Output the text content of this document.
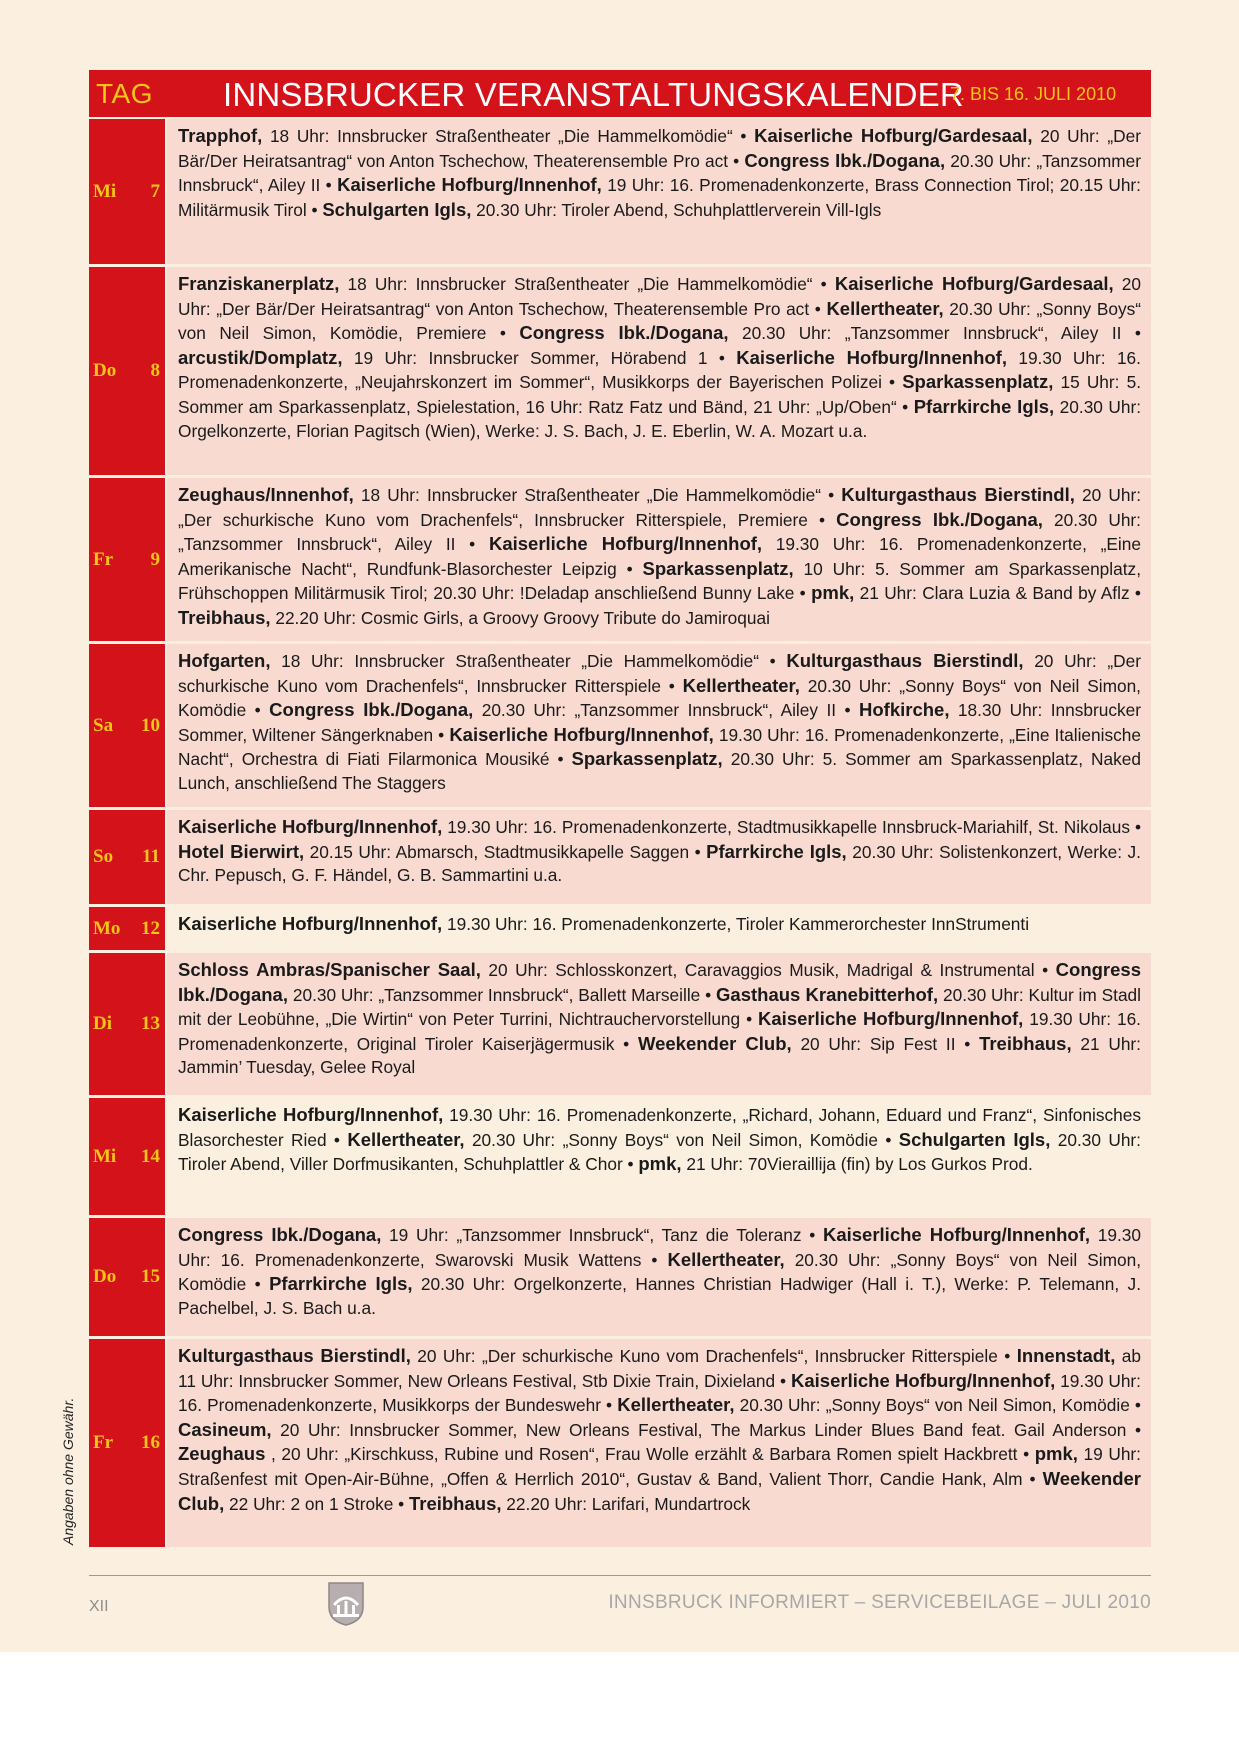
TAG INNSBRUCKER VERANSTALTUNGSKALENDER
7. BIS 16. JULI 2010
Mi 7
Trapphof, 18 Uhr: Innsbrucker Straßentheater „Die Hammelkomödie“ • Kaiserliche Hofburg/Gardesaal, 20 Uhr: „Der Bär/Der Heiratsantrag“ von Anton Tschechow, Theaterensemble Pro act • Congress Ibk./Dogana, 20.30 Uhr: „Tanzsommer Innsbruck“, Ailey II • Kaiserliche Hofburg/Innenhof, 19 Uhr: 16. Promenadenkonzerte, Brass Connection Tirol; 20.15 Uhr: Militärmusik Tirol • Schulgarten Igls, 20.30 Uhr: Tiroler Abend, Schuhplattlerverein Vill-Igls
Do 8
Franziskanerplatz, 18 Uhr: Innsbrucker Straßentheater „Die Hammelkomödie“ • Kaiserliche Hofburg/Gardesaal, 20 Uhr: „Der Bär/Der Heiratsantrag“ von Anton Tschechow, Theaterensemble Pro act • Kellertheater, 20.30 Uhr: „Sonny Boys“ von Neil Simon, Komödie, Premiere • Congress Ibk./Dogana, 20.30 Uhr: „Tanzsommer Innsbruck“, Ailey II • arcustik/Domplatz, 19 Uhr: Innsbrucker Sommer, Hörabend 1 • Kaiserliche Hofburg/Innenhof, 19.30 Uhr: 16. Promenadenkonzerte, „Neujahrskonzert im Sommer“, Musikkorps der Bayerischen Polizei • Sparkassenplatz, 15 Uhr: 5. Sommer am Sparkassenplatz, Spielestation, 16 Uhr: Ratz Fatz und Bänd, 21 Uhr: „Up/Oben“ • Pfarrkirche Igls, 20.30 Uhr: Orgelkonzerte, Florian Pagitsch (Wien), Werke: J. S. Bach, J. E. Eberlin, W. A. Mozart u.a.
Fr 9
Zeughaus/Innenhof, 18 Uhr: Innsbrucker Straßentheater „Die Hammelkomödie“ • Kulturgasthaus Bierstindl, 20 Uhr: „Der schurkische Kuno vom Drachenfels“, Innsbrucker Ritterspiele, Premiere • Congress Ibk./Dogana, 20.30 Uhr: „Tanzsommer Innsbruck“, Ailey II • Kaiserliche Hofburg/Innenhof, 19.30 Uhr: 16. Promenadenkonzerte, „Eine Amerikanische Nacht“, Rundfunk-Blasorchester Leipzig • Sparkassenplatz, 10 Uhr: 5. Sommer am Sparkassenplatz, Frühschoppen Militärmusik Tirol; 20.30 Uhr: !Deladap anschließend Bunny Lake • pmk, 21 Uhr: Clara Luzia & Band by Aflz • Treibhaus, 22.20 Uhr: Cosmic Girls, a Groovy Groovy Tribute do Jamiroquai
Sa 10
Hofgarten, 18 Uhr: Innsbrucker Straßentheater „Die Hammelkomödie“ • Kulturgasthaus Bierstindl, 20 Uhr: „Der schurkische Kuno vom Drachenfels“, Innsbrucker Ritterspiele • Kellertheater, 20.30 Uhr: „Sonny Boys“ von Neil Simon, Komödie • Congress Ibk./Dogana, 20.30 Uhr: „Tanzsommer Innsbruck“, Ailey II • Hofkirche, 18.30 Uhr: Innsbrucker Sommer, Wiltener Sängerknaben • Kaiserliche Hofburg/Innenhof, 19.30 Uhr: 16. Promenadenkonzerte, „Eine Italienische Nacht“, Orchestra di Fiati Filarmonica Mousiké • Sparkassenplatz, 20.30 Uhr: 5. Sommer am Sparkassenplatz, Naked Lunch, anschließend The Staggers
So 11
Kaiserliche Hofburg/Innenhof, 19.30 Uhr: 16. Promenadenkonzerte, Stadtmusikkapelle Innsbruck-Mariahilf, St. Nikolaus • Hotel Bierwirt, 20.15 Uhr: Abmarsch, Stadtmusikkapelle Saggen • Pfarrkirche Igls, 20.30 Uhr: Solistenkonzert, Werke: J. Chr. Pepusch, G. F. Händel, G. B. Sammartini u.a.
Mo 12 Kaiserliche Hofburg/Innenhof, 19.30 Uhr: 16. Promenadenkonzerte, Tiroler Kammerorchester InnStrumenti
Di 13
Schloss Ambras/Spanischer Saal, 20 Uhr: Schlosskonzert, Caravaggios Musik, Madrigal & Instrumental • Congress Ibk./Dogana, 20.30 Uhr: „Tanzsommer Innsbruck“, Ballett Marseille • Gasthaus Kranebitterhof, 20.30 Uhr: Kultur im Stadl mit der Leobühne, „Die Wirtin“ von Peter Turrini, Nichtrauchervorstellung • Kaiserliche Hofburg/Innenhof, 19.30 Uhr: 16. Promenadenkonzerte, Original Tiroler Kaiserjägermusik • Weekender Club, 20 Uhr: Sip Fest II • Treibhaus, 21 Uhr: Jammin’ Tuesday, Gelee Royal
Mi 14
Kaiserliche Hofburg/Innenhof, 19.30 Uhr: 16. Promenadenkonzerte, „Richard, Johann, Eduard und Franz“, Sinfonisches Blasorchester Ried • Kellertheater, 20.30 Uhr: „Sonny Boys“ von Neil Simon, Komödie • Schulgarten Igls, 20.30 Uhr: Tiroler Abend, Viller Dorfmusikanten, Schuhplattler & Chor • pmk, 21 Uhr: 70Vieraillija (fin) by Los Gurkos Prod.
Do 15
Congress Ibk./Dogana, 19 Uhr: „Tanzsommer Innsbruck“, Tanz die Toleranz • Kaiserliche Hofburg/Innenhof, 19.30 Uhr: 16. Promenadenkonzerte, Swarovski Musik Wattens • Kellertheater, 20.30 Uhr: „Sonny Boys“ von Neil Simon, Komödie • Pfarrkirche Igls, 20.30 Uhr: Orgelkonzerte, Hannes Christian Hadwiger (Hall i. T.), Werke: P. Telemann, J. Pachelbel, J. S. Bach u.a.
Fr 16
Kulturgasthaus Bierstindl, 20 Uhr: „Der schurkische Kuno vom Drachenfels“, Innsbrucker Ritterspiele • Innenstadt, ab 11 Uhr: Innsbrucker Sommer, New Orleans Festival, Stb Dixie Train, Dixieland • Kaiserliche Hofburg/Innenhof, 19.30 Uhr: 16. Promenadenkonzerte, Musikkorps der Bundeswehr • Kellertheater, 20.30 Uhr: „Sonny Boys“ von Neil Simon, Komödie • Casineum, 20 Uhr: Innsbrucker Sommer, New Orleans Festival, The Markus Linder Blues Band feat. Gail Anderson • Zeughaus , 20 Uhr: „Kirschkuss, Rubine und Rosen“, Frau Wolle erzählt & Barbara Romen spielt Hackbrett • pmk, 19 Uhr: Straßenfest mit Open-Air-Bühne, „Offen & Herrlich 2010“, Gustav & Band, Valient Thorr, Candie Hank, Alm • Weekender Club, 22 Uhr: 2 on 1 Stroke • Treibhaus, 22.20 Uhr: Larifari, Mundartrock
Angaben ohne Gewähr.
XII	INNSBRUCK INFORMIERT – SERVICEBEILAGE – JULI 2010
